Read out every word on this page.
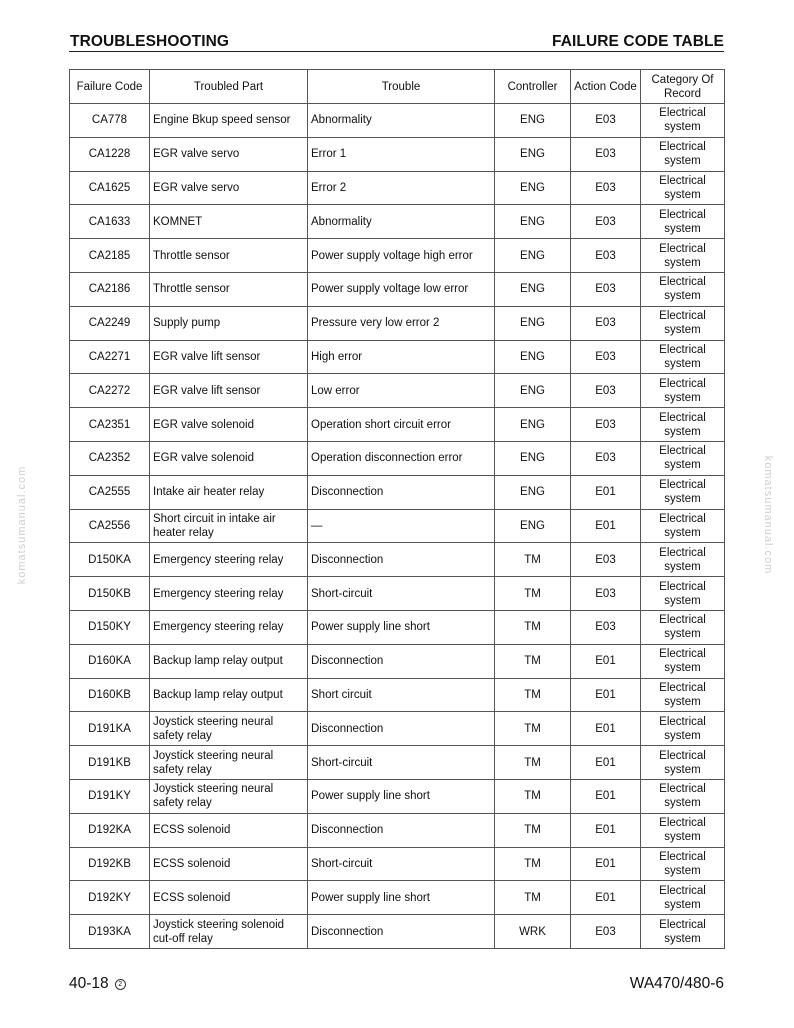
TROUBLESHOOTING	FAILURE CODE TABLE
Failure Code	Troubled Part	Trouble	Controller	Action Code	Category Of Record
CA778	Engine Bkup speed sensor	Abnormality	ENG	E03	Electrical system
CA1228	EGR valve servo	Error 1	ENG	E03	Electrical system
CA1625	EGR valve servo	Error 2	ENG	E03	Electrical system
CA1633	KOMNET	Abnormality	ENG	E03	Electrical system
CA2185	Throttle sensor	Power supply voltage high error	ENG	E03	Electrical system
CA2186	Throttle sensor	Power supply voltage low error	ENG	E03	Electrical system
CA2249	Supply pump	Pressure very low error 2	ENG	E03	Electrical system
CA2271	EGR valve lift sensor	High error	ENG	E03	Electrical system
CA2272	EGR valve lift sensor	Low error	ENG	E03	Electrical system
CA2351	EGR valve solenoid	Operation short circuit error	ENG	E03	Electrical system
CA2352	EGR valve solenoid	Operation disconnection error	ENG	E03	Electrical system
CA2555	Intake air heater relay	Disconnection	ENG	E01	Electrical system
CA2556	Short circuit in intake air heater relay	—	ENG	E01	Electrical system
D150KA	Emergency steering relay	Disconnection	TM	E03	Electrical system
D150KB	Emergency steering relay	Short-circuit	TM	E03	Electrical system
D150KY	Emergency steering relay	Power supply line short	TM	E03	Electrical system
D160KA	Backup lamp relay output	Disconnection	TM	E01	Electrical system
D160KB	Backup lamp relay output	Short circuit	TM	E01	Electrical system
D191KA	Joystick steering neural safety relay	Disconnection	TM	E01	Electrical system
D191KB	Joystick steering neural safety relay	Short-circuit	TM	E01	Electrical system
D191KY	Joystick steering neural safety relay	Power supply line short	TM	E01	Electrical system
D192KA	ECSS solenoid	Disconnection	TM	E01	Electrical system
D192KB	ECSS solenoid	Short-circuit	TM	E01	Electrical system
D192KY	ECSS solenoid	Power supply line short	TM	E01	Electrical system
D193KA	Joystick steering solenoid cut-off relay	Disconnection	WRK	E03	Electrical system
40-18 2	WA470/480-6
komatsumanual.com	komatsumanual.com
